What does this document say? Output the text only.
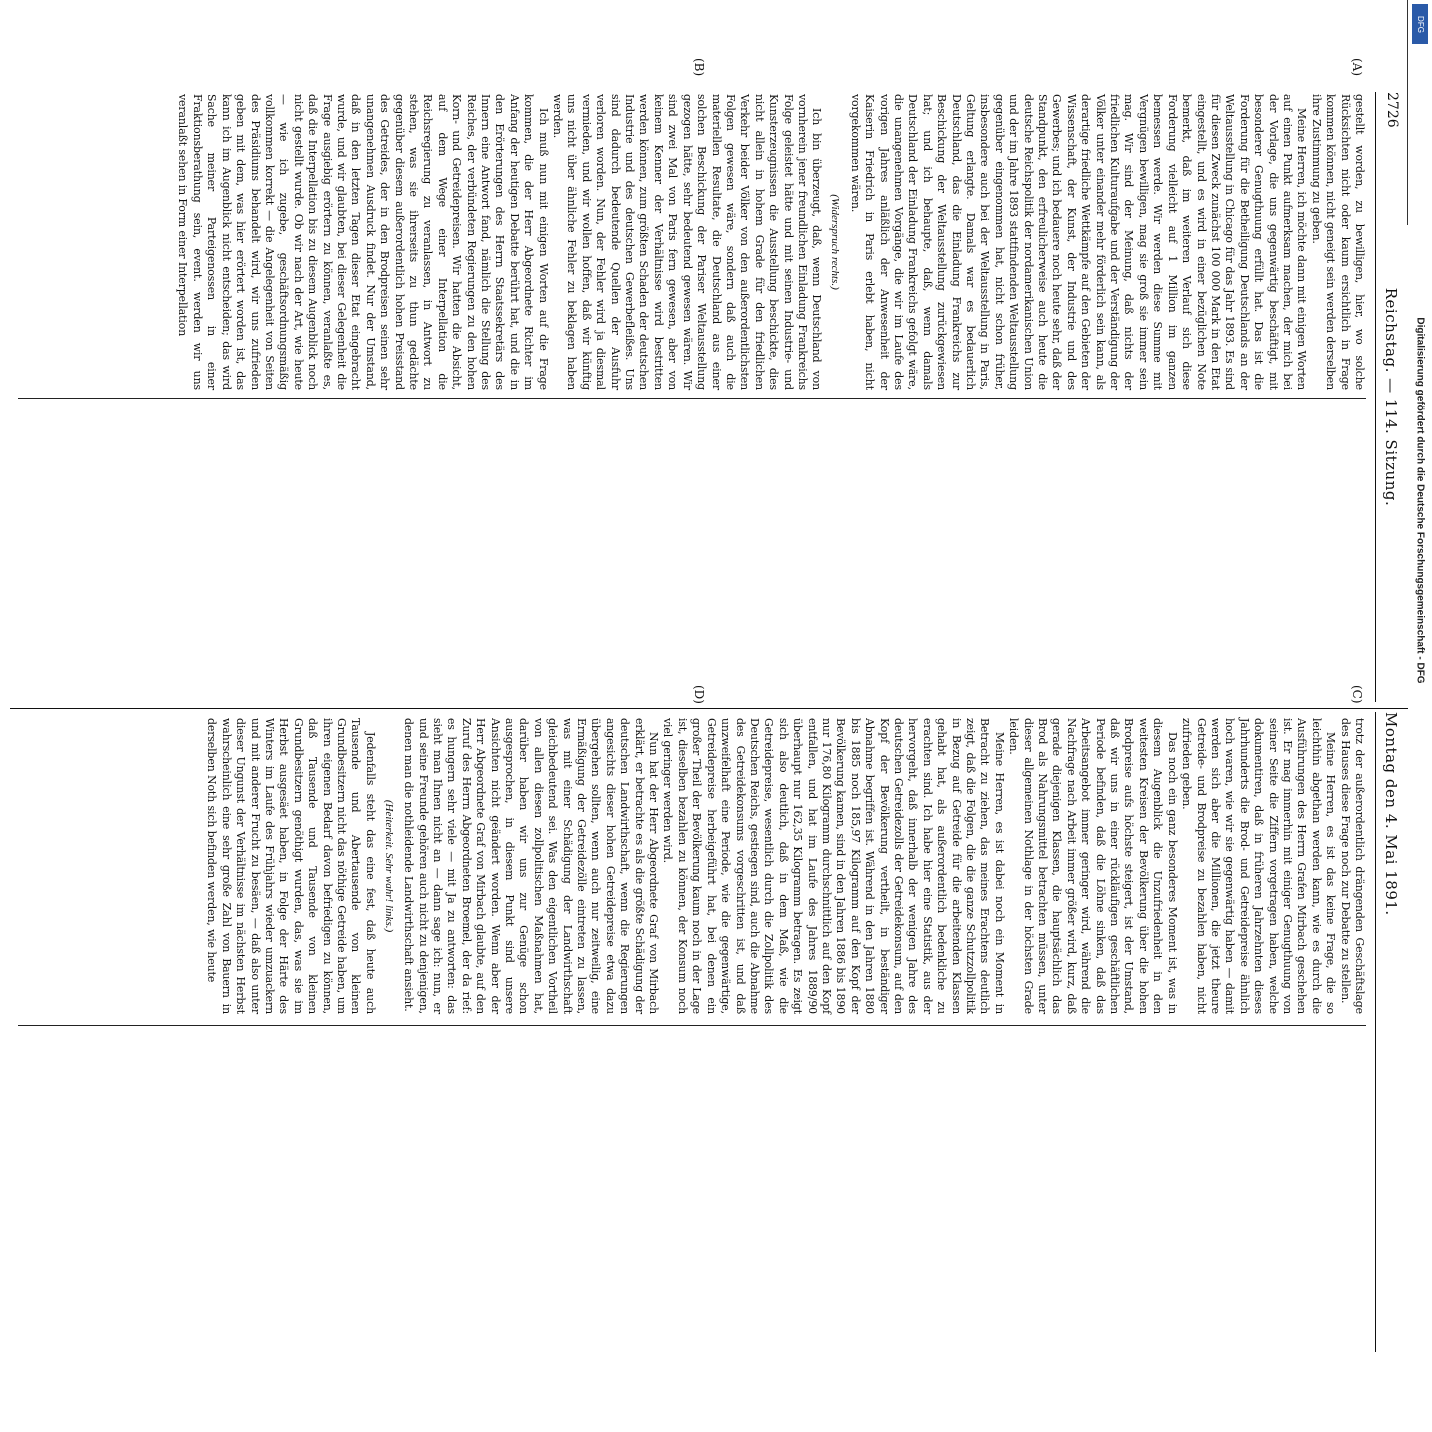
2726
Reichstag. — 114. Sitzung.
Montag den 4. Mai 1891.
(A)
(B)
(C)
(D)

gestellt worden, zu bewilligen, hier, wo solche Rücksichten nicht oder kaum ersichtlich in Frage kommen können, nicht geneigt sein werden derselben ihre Zustimmung zu geben.

Meine Herren, ich möchte dann mit einigen Worten auf einen Punkt aufmerksam machen, der mich bei der Vorlage, die uns gegenwärtig beschäftigt, mit besonderer Genugthuung erfüllt hat. Das ist die Forderung für die Betheiligung Deutschlands an der Weltausstellung in Chicago für das Jahr 1893. Es sind für diesen Zweck zunächst 100 000 Mark in den Etat eingestellt, und es wird in einer bezüglichen Note bemerkt, daß im weiteren Verlauf sich diese Forderung vielleicht auf 1 Million im ganzen bemessen werde. Wir werden diese Summe mit Vergnügen bewilligen, mag sie groß sie immer sein mag. Wir sind der Meinung, daß nichts der friedlichen Kulturaufgabe und der Verständigung der Völker unter einander mehr förderlich sein kann, als derartige friedliche Wettkämpfe auf den Gebieten der Wissenschaft, der Kunst, der Industrie und des Gewerbes; und ich bedauere noch heute sehr, daß der Standpunkt, den erfreulicherweise auch heute die deutsche Reichspolitik der nordamerikanischen Union und der im Jahre 1893 stattfindenden Weltausstellung gegenüber eingenommen hat, nicht schon früher, insbesondere auch bei der Weltausstellung in Paris, Geltung erlangte. Damals war es bedauerlich Deutschland, das die Einladung Frankreichs zur Beschickung der Weltausstellung zurückgewiesen hat; und ich behaupte, daß, wenn damals Deutschland der Einladung Frankreichs gefolgt wäre, die unangenehmen Vorgänge, die wir im Laufe des vorigen Jahres anläßlich der Anwesenheit der Kaiserin Friedrich in Paris erlebt haben, nicht vorgekommen wären.

(Widerspruch rechts.)

Ich bin überzeugt, daß, wenn Deutschland von vornherein jener freundlichen Einladung Frankreichs Folge geleistet hätte und mit seinen Industrie- und Kunsterzeugnissen die Ausstellung beschickte, dies nicht allein in hohem Grade für den friedlichen Verkehr beider Völker von den außerordentlichsten Folgen gewesen wäre, sondern daß auch die materiellen Resultate, die Deutschland aus einer solchen Beschickung der Pariser Weltausstellung gezogen hätte, sehr bedeutend gewesen wären. Wir sind zwei Mal von Paris fern gewesen, aber von keinem Kenner der Verhältnisse wird bestritten werden können, zum größten Schaden der deutschen Industrie und des deutschen Gewerbefleißes. Uns sind dadurch bedeutende Quellen der Ausfuhr verloren worden. Nun, der Fehler wird ja diesmal vermieden, und wir wollen hoffen, daß wir künftig uns nicht über ähnliche Fehler zu beklagen haben werden.

Ich muß nun mit einigen Worten auf die Frage kommen, die der Herr Abgeordnete Richter im Anfang der heutigen Debatte berührt hat, und die in den Erörterungen des Herrn Staatssekretärs des Innern eine Antwort fand, nämlich die Stellung des Reiches, der verbündeten Regierungen zu den hohen Korn- und Getreidepreisen. Wir hatten die Absicht, auf dem Wege einer Interpellation die Reichsregierung zu veranlassen, in Antwort zu stehen, was sie ihrerseits zu thun gedächte gegenüber diesem außerordentlich hohen Preisstand des Getreides, der in den Brodpreisen seinen sehr unangenehmen Ausdruck findet. Nur der Umstand, daß in den letzten Tagen dieser Etat eingebracht wurde, und wir glaubten, bei dieser Gelegenheit die Frage ausgiebig erörtern zu können, veranlaßte es, daß die Interpellation bis zu diesem Augenblick noch nicht gestellt wurde. Ob wir nach der Art, wie heute — wie ich zugebe, geschäftsordnungsmäßig vollkommen korrekt — die Angelegenheit von Seiten des Präsidiums behandelt wird, wir uns zufrieden geben mit dem, was hier erörtert worden ist, das kann ich im Augenblick nicht entscheiden; das wird Sache meiner Parteigenossen in einer Fraktionsberathung sein, event. werden wir uns veranlaßt sehen in Form einer Interpellation

trotz der außerordentlich drängenden Geschäftslage des Hauses diese Frage noch zur Debatte zu stellen.

Meine Herren, es ist das keine Frage, die so leichthin abgethan werden kann, wie es durch die Ausführungen des Herrn Grafen Mirbach geschehen ist. Er mag immerhin mit einiger Genugthuung von seiner Seite die Ziffern vorgetragen haben, welche dokumentiren, daß in früheren Jahrzehnten dieses Jahrhunderts die Brod- und Getreidepreise ähnlich hoch waren, wie wir sie gegenwärtig haben — damit werden sich aber die Millionen, die jetzt theure Getreide- und Brodpreise zu bezahlen haben, nicht zufrieden geben.

Das noch ein ganz besonderes Moment ist, was in diesem Augenblick die Unzufriedenheit in den weitesten Kreisen der Bevölkerung über die hohen Brodpreise aufs höchste steigert, ist der Umstand, daß wir uns in einer rückläufigen geschäftlichen Periode befinden, daß die Löhne sinken, daß das Arbeitsangebot immer geringer wird, während die Nachfrage nach Arbeit immer größer wird, kurz, daß gerade diejenigen Klassen, die hauptsächlich das Brod als Nahrungsmittel betrachten müssen, unter dieser allgemeinen Nothlage in der höchsten Grade leiden.

Meine Herren, es ist dabei noch ein Moment in Betracht zu ziehen, das meines Erachtens deutlich zeigt, daß die Folgen, die die ganze Schutzzollpolitik in Bezug auf Getreide für die arbeitenden Klassen gehabt hat, als außerordentlich bedenkliche zu erachten sind. Ich habe hier eine Statistik, aus der hervorgeht, daß innerhalb der wenigen Jahre des deutschen Getreidezolls der Getreidekonsum, auf den Kopf der Bevölkerung vertheilt, in beständiger Abnahme begriffen ist. Während in den Jahren 1880 bis 1885 noch 185,97 Kilogramm auf den Kopf der Bevölkerung kamen, sind in den Jahren 1886 bis 1890 nur 176,80 Kilogramm durchschnittlich auf den Kopf entfallen, und hat im Laufe des Jahres 1889/90 überhaupt nur 162,35 Kilogramm betragen. Es zeigt sich also deutlich, daß in dem Maß, wie die Getreidepreise, wesentlich durch die Zollpolitik des Deutschen Reichs, gestiegen sind, auch die Abnahme des Getreidekonsums vorgeschritten ist, und daß unzweifelhaft eine Periode, wie die gegenwärtige, Getreidepreise herbeigeführt hat, bei denen ein großer Theil der Bevölkerung kaum noch in der Lage ist, dieselben bezahlen zu können, der Konsum noch viel geringer werden wird.

Nun hat der Herr Abgeordnete Graf von Mirbach erklärt, er betrachte es als die größte Schädigung der deutschen Landwirthschaft, wenn die Regierungen angesichts dieser hohen Getreidepreise etwa dazu übergehen sollten, wenn auch nur zeitweilig, eine Ermäßigung der Getreidezölle eintreten zu lassen, was mit einer Schädigung der Landwirthschaft gleichbedeutend sei. Was den eigentlichen Vortheil von allen diesen zollpolitischen Maßnahmen hat, darüber haben wir uns zur Genüge schon ausgesprochen, in diesem Punkt sind unsere Ansichten nicht geändert worden. Wenn aber der Herr Abgeordnete Graf von Mirbach glaubte, auf den Zuruf des Herrn Abgeordneten Broemel, der da rief: es hungern sehr viele — mit Ja zu antworten: das sieht man Ihnen nicht an — dann sage ich: nun, er und seine Freunde gehören auch nicht zu denjenigen, denen man die nothleidende Landwirthschaft ansieht.

(Heiterkeit. Sehr wahr! links.)

Jedenfalls steht das eine fest, daß heute auch Tausende und Abertausende von kleinen Grundbesitzern nicht das nöthige Getreide haben, um ihren eigenen Bedarf davon befriedigen zu können, daß Tausende und Tausende von kleinen Grundbesitzern genöthigt wurden, das, was sie im Herbst ausgesäet haben, in Folge der Härte des Winters im Laufe des Frühjahrs wieder umzuackern und mit anderer Frucht zu besäen, — daß also unter dieser Ungunst der Verhältnisse im nächsten Herbst wahrscheinlich eine sehr große Zahl von Bauern in derselben Noth sich befinden werden, wie heute

DFG
Digitalisierung gefördert durch die Deutsche Forschungsgemeinschaft - DFG
